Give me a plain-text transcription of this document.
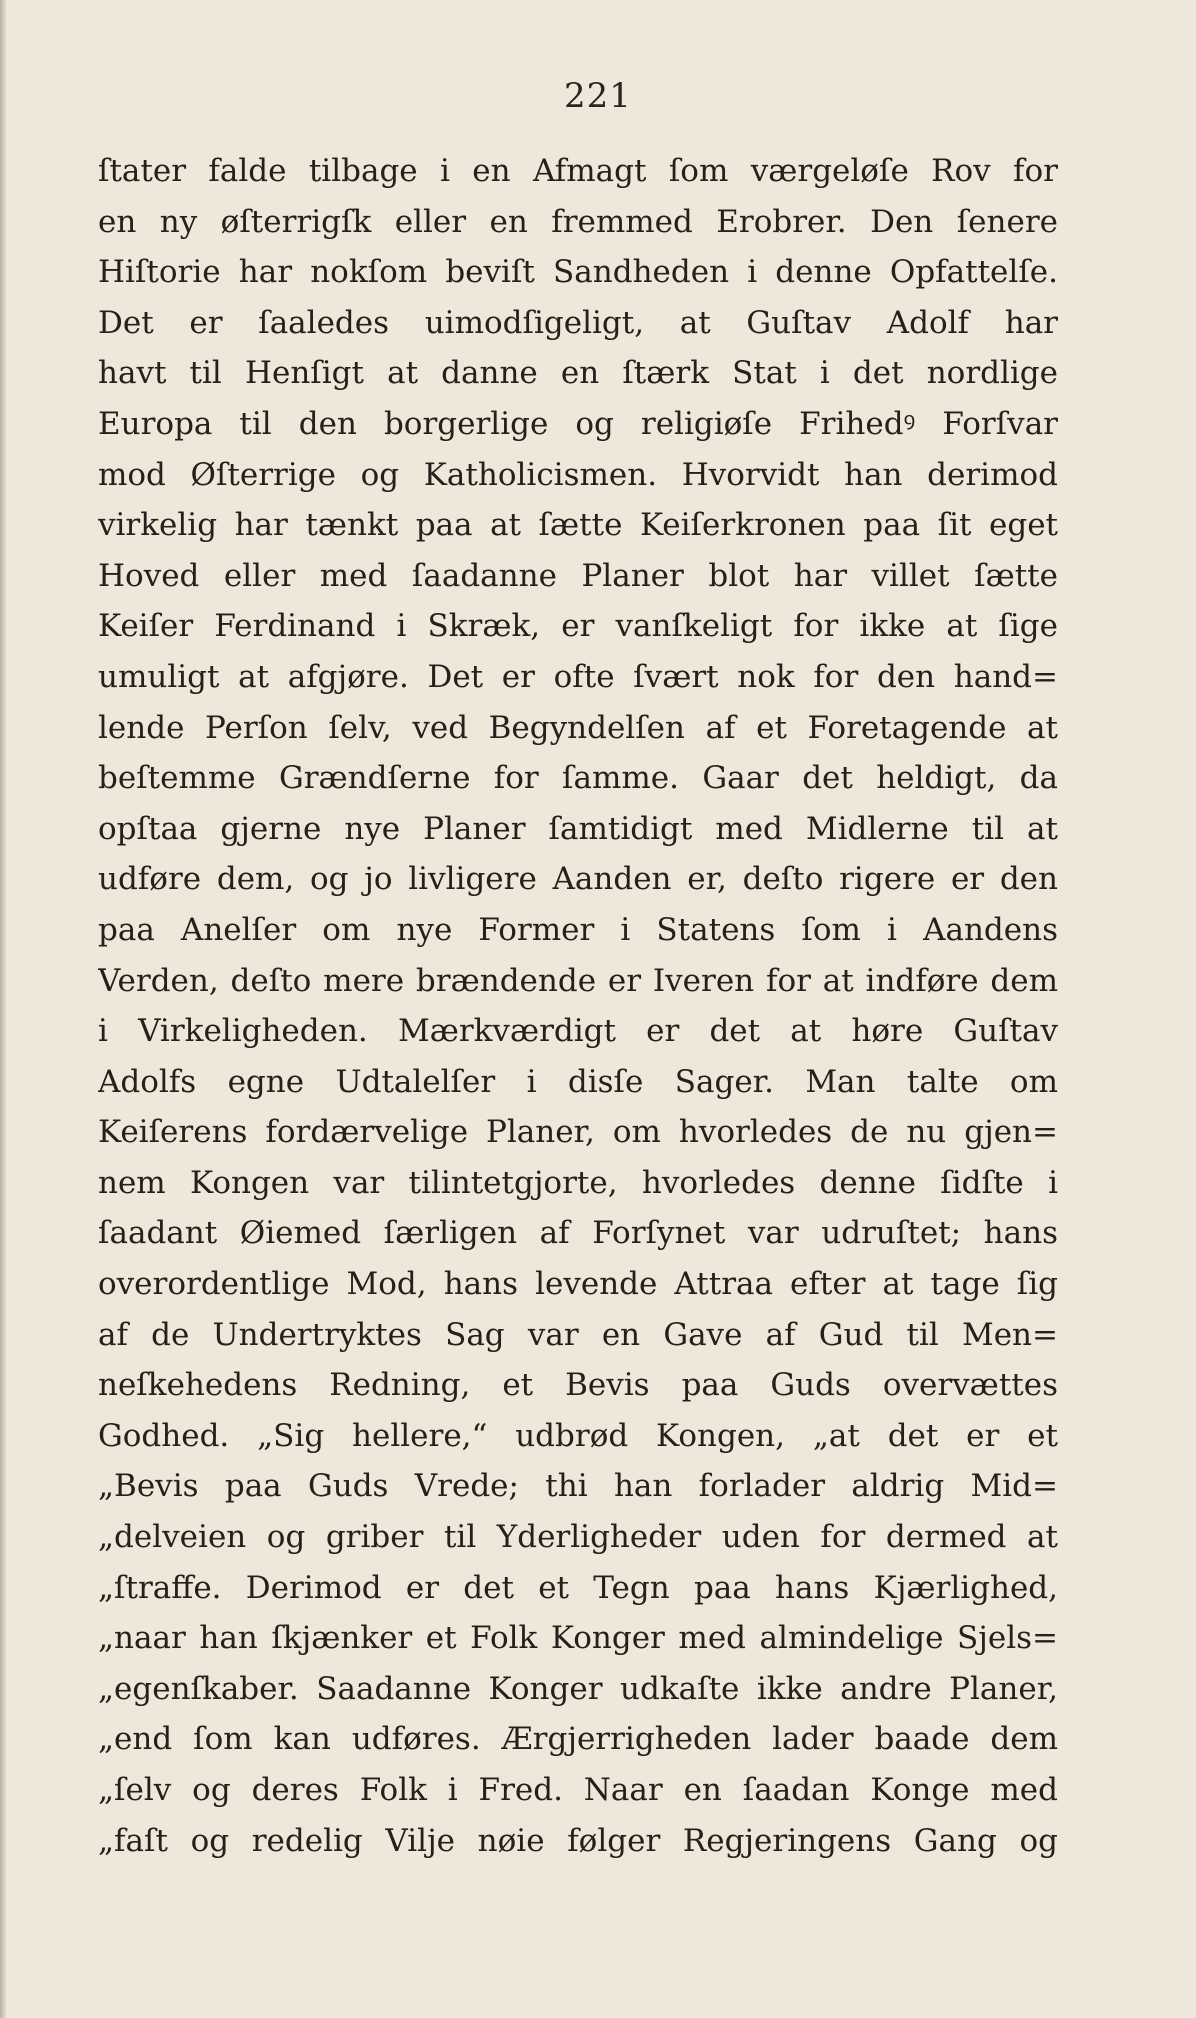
221
ſtater falde tilbage i en Afmagt ſom værgeløſe Rov for
en ny øſterrigſk eller en fremmed Erobrer. Den ſenere
Hiſtorie har nokſom beviſt Sandheden i denne Opfattelſe.
Det er ſaaledes uimodſigeligt, at Guſtav Adolf har
havt til Henſigt at danne en ſtærk Stat i det nordlige
Europa til den borgerlige og religiøſe Frihedꝰ Forſvar
mod Øſterrige og Katholicismen. Hvorvidt han derimod
virkelig har tænkt paa at ſætte Keiſerkronen paa ſit eget
Hoved eller med ſaadanne Planer blot har villet ſætte
Keiſer Ferdinand i Skræk, er vanſkeligt for ikke at ſige
umuligt at afgjøre. Det er ofte ſvært nok for den hand=
lende Perſon ſelv, ved Begyndelſen af et Foretagende at
beſtemme Grændſerne for ſamme. Gaar det heldigt, da
opſtaa gjerne nye Planer ſamtidigt med Midlerne til at
udføre dem, og jo livligere Aanden er, deſto rigere er den
paa Anelſer om nye Former i Statens ſom i Aandens
Verden, deſto mere brændende er Iveren for at indføre dem
i Virkeligheden. Mærkværdigt er det at høre Guſtav
Adolfs egne Udtalelſer i disſe Sager. Man talte om
Keiſerens fordærvelige Planer, om hvorledes de nu gjen=
nem Kongen var tilintetgjorte, hvorledes denne ſidſte i
ſaadant Øiemed ſærligen af Forſynet var udruſtet; hans
overordentlige Mod, hans levende Attraa efter at tage ſig
af de Undertryktes Sag var en Gave af Gud til Men=
neſkehedens Redning, et Bevis paa Guds overvættes
Godhed. „Sig hellere,“ udbrød Kongen, „at det er et
„Bevis paa Guds Vrede; thi han forlader aldrig Mid=
„delveien og griber til Yderligheder uden for dermed at
„ſtraffe. Derimod er det et Tegn paa hans Kjærlighed,
„naar han ſkjænker et Folk Konger med almindelige Sjels=
„egenſkaber. Saadanne Konger udkaſte ikke andre Planer,
„end ſom kan udføres. Ærgjerrigheden lader baade dem
„ſelv og deres Folk i Fred. Naar en ſaadan Konge med
„faſt og redelig Vilje nøie følger Regjeringens Gang og
